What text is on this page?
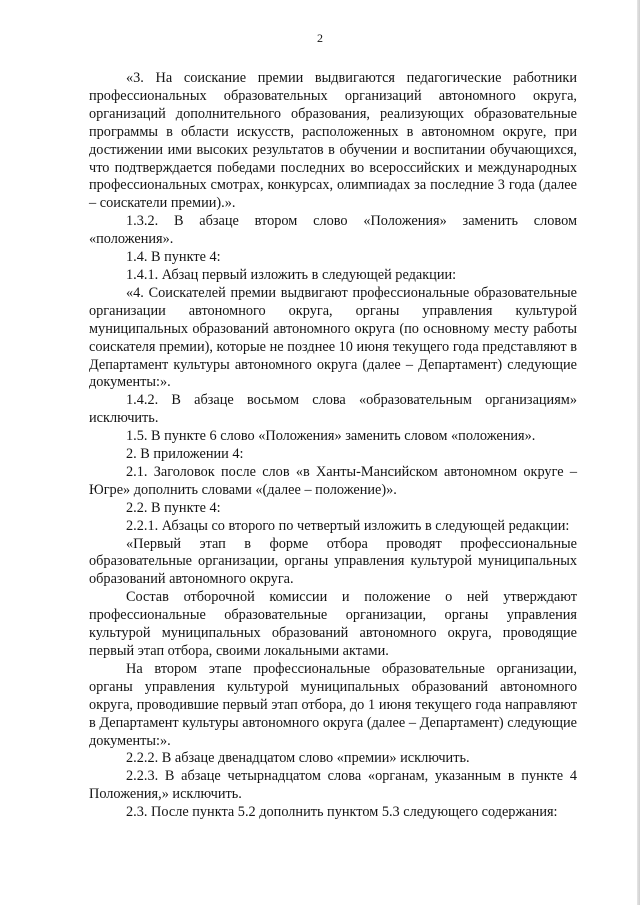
2

«3. На соискание премии выдвигаются педагогические работники профессиональных образовательных организаций автономного округа, организаций дополнительного образования, реализующих образовательные программы в области искусств, расположенных в автономном округе, при достижении ими высоких результатов в обучении и воспитании обучающихся, что подтверждается победами последних во всероссийских и международных профессиональных смотрах, конкурсах, олимпиадах за последние 3 года (далее – соискатели премии).».

1.3.2. В абзаце втором слово «Положения» заменить словом «положения».

1.4. В пункте 4:

1.4.1. Абзац первый изложить в следующей редакции:

«4. Соискателей премии выдвигают профессиональные образовательные организации автономного округа, органы управления культурой муниципальных образований автономного округа (по основному месту работы соискателя премии), которые не позднее 10 июня текущего года представляют в Департамент культуры автономного округа (далее – Департамент) следующие документы:».

1.4.2. В абзаце восьмом слова «образовательным организациям» исключить.

1.5. В пункте 6 слово «Положения» заменить словом «положения».

2. В приложении 4:

2.1. Заголовок после слов «в Ханты-Мансийском автономном округе – Югре» дополнить словами «(далее – положение)».

2.2. В пункте 4:

2.2.1. Абзацы со второго по четвертый изложить в следующей редакции:

«Первый этап в форме отбора проводят профессиональные образовательные организации, органы управления культурой муниципальных образований автономного округа.

Состав отборочной комиссии и положение о ней утверждают профессиональные образовательные организации, органы управления культурой муниципальных образований автономного округа, проводящие первый этап отбора, своими локальными актами.

На втором этапе профессиональные образовательные организации, органы управления культурой муниципальных образований автономного округа, проводившие первый этап отбора, до 1 июня текущего года направляют в Департамент культуры автономного округа (далее – Департамент) следующие документы:».

2.2.2. В абзаце двенадцатом слово «премии» исключить.

2.2.3. В абзаце четырнадцатом слова «органам, указанным в пункте 4 Положения,» исключить.

2.3. После пункта 5.2 дополнить пунктом 5.3 следующего содержания:
